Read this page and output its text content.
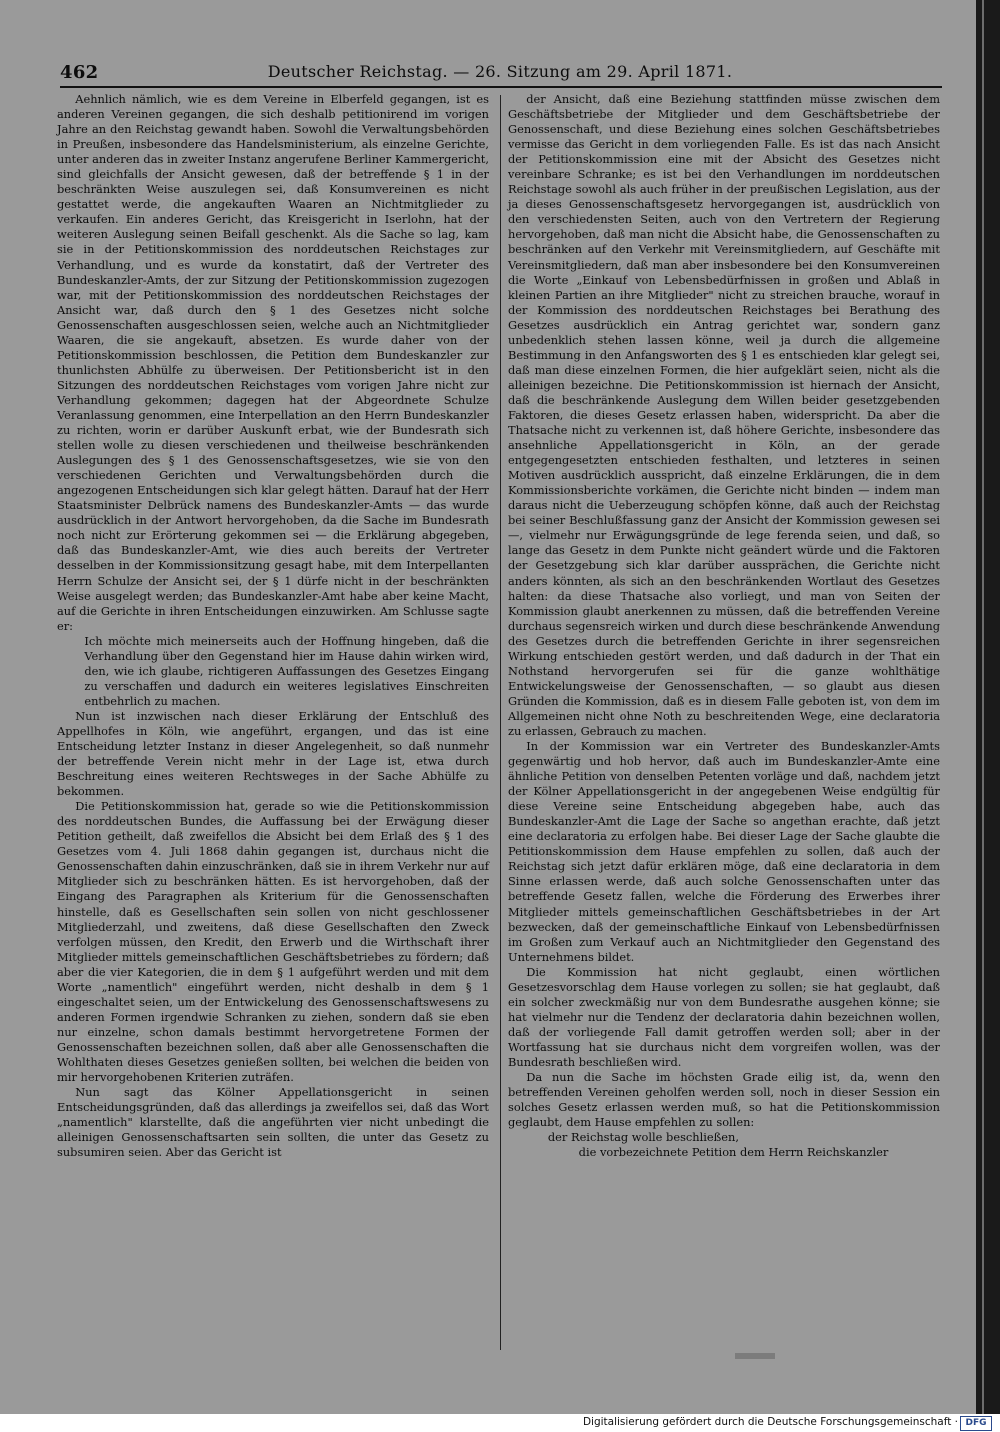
462	Deutscher Reichstag. — 26. Sitzung am 29. April 1871.

Aehnlich nämlich, wie es dem Vereine in Elberfeld gegangen, ist es anderen Vereinen gegangen, die sich deshalb petitionirend im vorigen Jahre an den Reichstag gewandt haben. Sowohl die Verwaltungsbehörden in Preußen, insbesondere das Handelsministerium, als einzelne Gerichte, unter anderen das in zweiter Instanz angerufene Berliner Kammergericht, sind gleichfalls der Ansicht gewesen, daß der betreffende § 1 in der beschränkten Weise auszulegen sei, daß Konsumvereinen es nicht gestattet werde, die angekauften Waaren an Nichtmitglieder zu verkaufen. Ein anderes Gericht, das Kreisgericht in Iserlohn, hat der weiteren Auslegung seinen Beifall geschenkt. Als die Sache so lag, kam sie in der Petitionskommission des norddeutschen Reichstages zur Verhandlung, und es wurde da konstatirt, daß der Vertreter des Bundeskanzler-Amts, der zur Sitzung der Petitionskommission zugezogen war, mit der Petitionskommission des norddeutschen Reichstages der Ansicht war, daß durch den § 1 des Gesetzes nicht solche Genossenschaften ausgeschlossen seien, welche auch an Nichtmitglieder Waaren, die sie angekauft, absetzen. Es wurde daher von der Petitionskommission beschlossen, die Petition dem Bundeskanzler zur thunlichsten Abhülfe zu überweisen. Der Petitionsbericht ist in den Sitzungen des norddeutschen Reichstages vom vorigen Jahre nicht zur Verhandlung gekommen; dagegen hat der Abgeordnete Schulze Veranlassung genommen, eine Interpellation an den Herrn Bundeskanzler zu richten, worin er darüber Auskunft erbat, wie der Bundesrath sich stellen wolle zu diesen verschiedenen und theilweise beschränkenden Auslegungen des § 1 des Genossenschaftsgesetzes, wie sie von den verschiedenen Gerichten und Verwaltungsbehörden durch die angezogenen Entscheidungen sich klar gelegt hätten. Darauf hat der Herr Staatsminister Delbrück namens des Bundeskanzler-Amts — das wurde ausdrücklich in der Antwort hervorgehoben, da die Sache im Bundesrath noch nicht zur Erörterung gekommen sei — die Erklärung abgegeben, daß das Bundeskanzler-Amt, wie dies auch bereits der Vertreter desselben in der Kommissionsitzung gesagt habe, mit dem Interpellanten Herrn Schulze der Ansicht sei, der § 1 dürfe nicht in der beschränkten Weise ausgelegt werden; das Bundeskanzler-Amt habe aber keine Macht, auf die Gerichte in ihren Entscheidungen einzuwirken. Am Schlusse sagte er:

Ich möchte mich meinerseits auch der Hoffnung hingeben, daß die Verhandlung über den Gegenstand hier im Hause dahin wirken wird, den, wie ich glaube, richtigeren Auffassungen des Gesetzes Eingang zu verschaffen und dadurch ein weiteres legislatives Einschreiten entbehrlich zu machen.

Nun ist inzwischen nach dieser Erklärung der Entschluß des Appellhofes in Köln, wie angeführt, ergangen, und das ist eine Entscheidung letzter Instanz in dieser Angelegenheit, so daß nunmehr der betreffende Verein nicht mehr in der Lage ist, etwa durch Beschreitung eines weiteren Rechtsweges in der Sache Abhülfe zu bekommen.

Die Petitionskommission hat, gerade so wie die Petitionskommission des norddeutschen Bundes, die Auffassung bei der Erwägung dieser Petition getheilt, daß zweifellos die Absicht bei dem Erlaß des § 1 des Gesetzes vom 4. Juli 1868 dahin gegangen ist, durchaus nicht die Genossenschaften dahin einzuschränken, daß sie in ihrem Verkehr nur auf Mitglieder sich zu beschränken hätten. Es ist hervorgehoben, daß der Eingang des Paragraphen als Kriterium für die Genossenschaften hinstelle, daß es Gesellschaften sein sollen von nicht geschlossener Mitgliederzahl, und zweitens, daß diese Gesellschaften den Zweck verfolgen müssen, den Kredit, den Erwerb und die Wirthschaft ihrer Mitglieder mittels gemeinschaftlichen Geschäftsbetriebes zu fördern; daß aber die vier Kategorien, die in dem § 1 aufgeführt werden und mit dem Worte „namentlich" eingeführt werden, nicht deshalb in dem § 1 eingeschaltet seien, um der Entwickelung des Genossenschaftswesens zu anderen Formen irgendwie Schranken zu ziehen, sondern daß sie eben nur einzelne, schon damals bestimmt hervorgetretene Formen der Genossenschaften bezeichnen sollen, daß aber alle Genossenschaften die Wohlthaten dieses Gesetzes genießen sollten, bei welchen die beiden von mir hervorgehobenen Kriterien zuträfen.

Nun sagt das Kölner Appellationsgericht in seinen Entscheidungsgründen, daß das allerdings ja zweifellos sei, daß das Wort „namentlich" klarstellte, daß die angeführten vier nicht unbedingt die alleinigen Genossenschaftsarten sein sollten, die unter das Gesetz zu subsumiren seien. Aber das Gericht ist

der Ansicht, daß eine Beziehung stattfinden müsse zwischen dem Geschäftsbetriebe der Mitglieder und dem Geschäftsbetriebe der Genossenschaft, und diese Beziehung eines solchen Geschäftsbetriebes vermisse das Gericht in dem vorliegenden Falle. Es ist das nach Ansicht der Petitionskommission eine mit der Absicht des Gesetzes nicht vereinbare Schranke; es ist bei den Verhandlungen im norddeutschen Reichstage sowohl als auch früher in der preußischen Legislation, aus der ja dieses Genossenschaftsgesetz hervorgegangen ist, ausdrücklich von den verschiedensten Seiten, auch von den Vertretern der Regierung hervorgehoben, daß man nicht die Absicht habe, die Genossenschaften zu beschränken auf den Verkehr mit Vereinsmitgliedern, auf Geschäfte mit Vereinsmitgliedern, daß man aber insbesondere bei den Konsumvereinen die Worte „Einkauf von Lebensbedürfnissen in großen und Ablaß in kleinen Partien an ihre Mitglieder" nicht zu streichen brauche, worauf in der Kommission des norddeutschen Reichstages bei Berathung des Gesetzes ausdrücklich ein Antrag gerichtet war, sondern ganz unbedenklich stehen lassen könne, weil ja durch die allgemeine Bestimmung in den Anfangsworten des § 1 es entschieden klar gelegt sei, daß man diese einzelnen Formen, die hier aufgeklärt seien, nicht als die alleinigen bezeichne. Die Petitionskommission ist hiernach der Ansicht, daß die beschränkende Auslegung dem Willen beider gesetzgebenden Faktoren, die dieses Gesetz erlassen haben, widerspricht. Da aber die Thatsache nicht zu verkennen ist, daß höhere Gerichte, insbesondere das ansehnliche Appellationsgericht in Köln, an der gerade entgegengesetzten entschieden festhalten, und letzteres in seinen Motiven ausdrücklich ausspricht, daß einzelne Erklärungen, die in dem Kommissionsberichte vorkämen, die Gerichte nicht binden — indem man daraus nicht die Ueberzeugung schöpfen könne, daß auch der Reichstag bei seiner Beschlußfassung ganz der Ansicht der Kommission gewesen sei —, vielmehr nur Erwägungsgründe de lege ferenda seien, und daß, so lange das Gesetz in dem Punkte nicht geändert würde und die Faktoren der Gesetzgebung sich klar darüber aussprächen, die Gerichte nicht anders könnten, als sich an den beschränkenden Wortlaut des Gesetzes halten: da diese Thatsache also vorliegt, und man von Seiten der Kommission glaubt anerkennen zu müssen, daß die betreffenden Vereine durchaus segensreich wirken und durch diese beschränkende Anwendung des Gesetzes durch die betreffenden Gerichte in ihrer segensreichen Wirkung entschieden gestört werden, und daß dadurch in der That ein Nothstand hervorgerufen sei für die ganze wohlthätige Entwickelungsweise der Genossenschaften, — so glaubt aus diesen Gründen die Kommission, daß es in diesem Falle geboten ist, von dem im Allgemeinen nicht ohne Noth zu beschreitenden Wege, eine declaratoria zu erlassen, Gebrauch zu machen.

In der Kommission war ein Vertreter des Bundeskanzler-Amts gegenwärtig und hob hervor, daß auch im Bundeskanzler-Amte eine ähnliche Petition von denselben Petenten vorläge und daß, nachdem jetzt der Kölner Appellationsgericht in der angegebenen Weise endgültig für diese Vereine seine Entscheidung abgegeben habe, auch das Bundeskanzler-Amt die Lage der Sache so angethan erachte, daß jetzt eine declaratoria zu erfolgen habe. Bei dieser Lage der Sache glaubte die Petitionskommission dem Hause empfehlen zu sollen, daß auch der Reichstag sich jetzt dafür erklären möge, daß eine declaratoria in dem Sinne erlassen werde, daß auch solche Genossenschaften unter das betreffende Gesetz fallen, welche die Förderung des Erwerbes ihrer Mitglieder mittels gemeinschaftlichen Geschäftsbetriebes in der Art bezwecken, daß der gemeinschaftliche Einkauf von Lebensbedürfnissen im Großen zum Verkauf auch an Nichtmitglieder den Gegenstand des Unternehmens bildet.

Die Kommission hat nicht geglaubt, einen wörtlichen Gesetzesvorschlag dem Hause vorlegen zu sollen; sie hat geglaubt, daß ein solcher zweckmäßig nur von dem Bundesrathe ausgehen könne; sie hat vielmehr nur die Tendenz der declaratoria dahin bezeichnen wollen, daß der vorliegende Fall damit getroffen werden soll; aber in der Wortfassung hat sie durchaus nicht dem vorgreifen wollen, was der Bundesrath beschließen wird.

Da nun die Sache im höchsten Grade eilig ist, da, wenn den betreffenden Vereinen geholfen werden soll, noch in dieser Session ein solches Gesetz erlassen werden muß, so hat die Petitionskommission geglaubt, dem Hause empfehlen zu sollen:

der Reichstag wolle beschließen,

die vorbezeichnete Petition dem Herrn Reichskanzler

Digitalisierung gefördert durch die Deutsche Forschungsgemeinschaft · DFG
